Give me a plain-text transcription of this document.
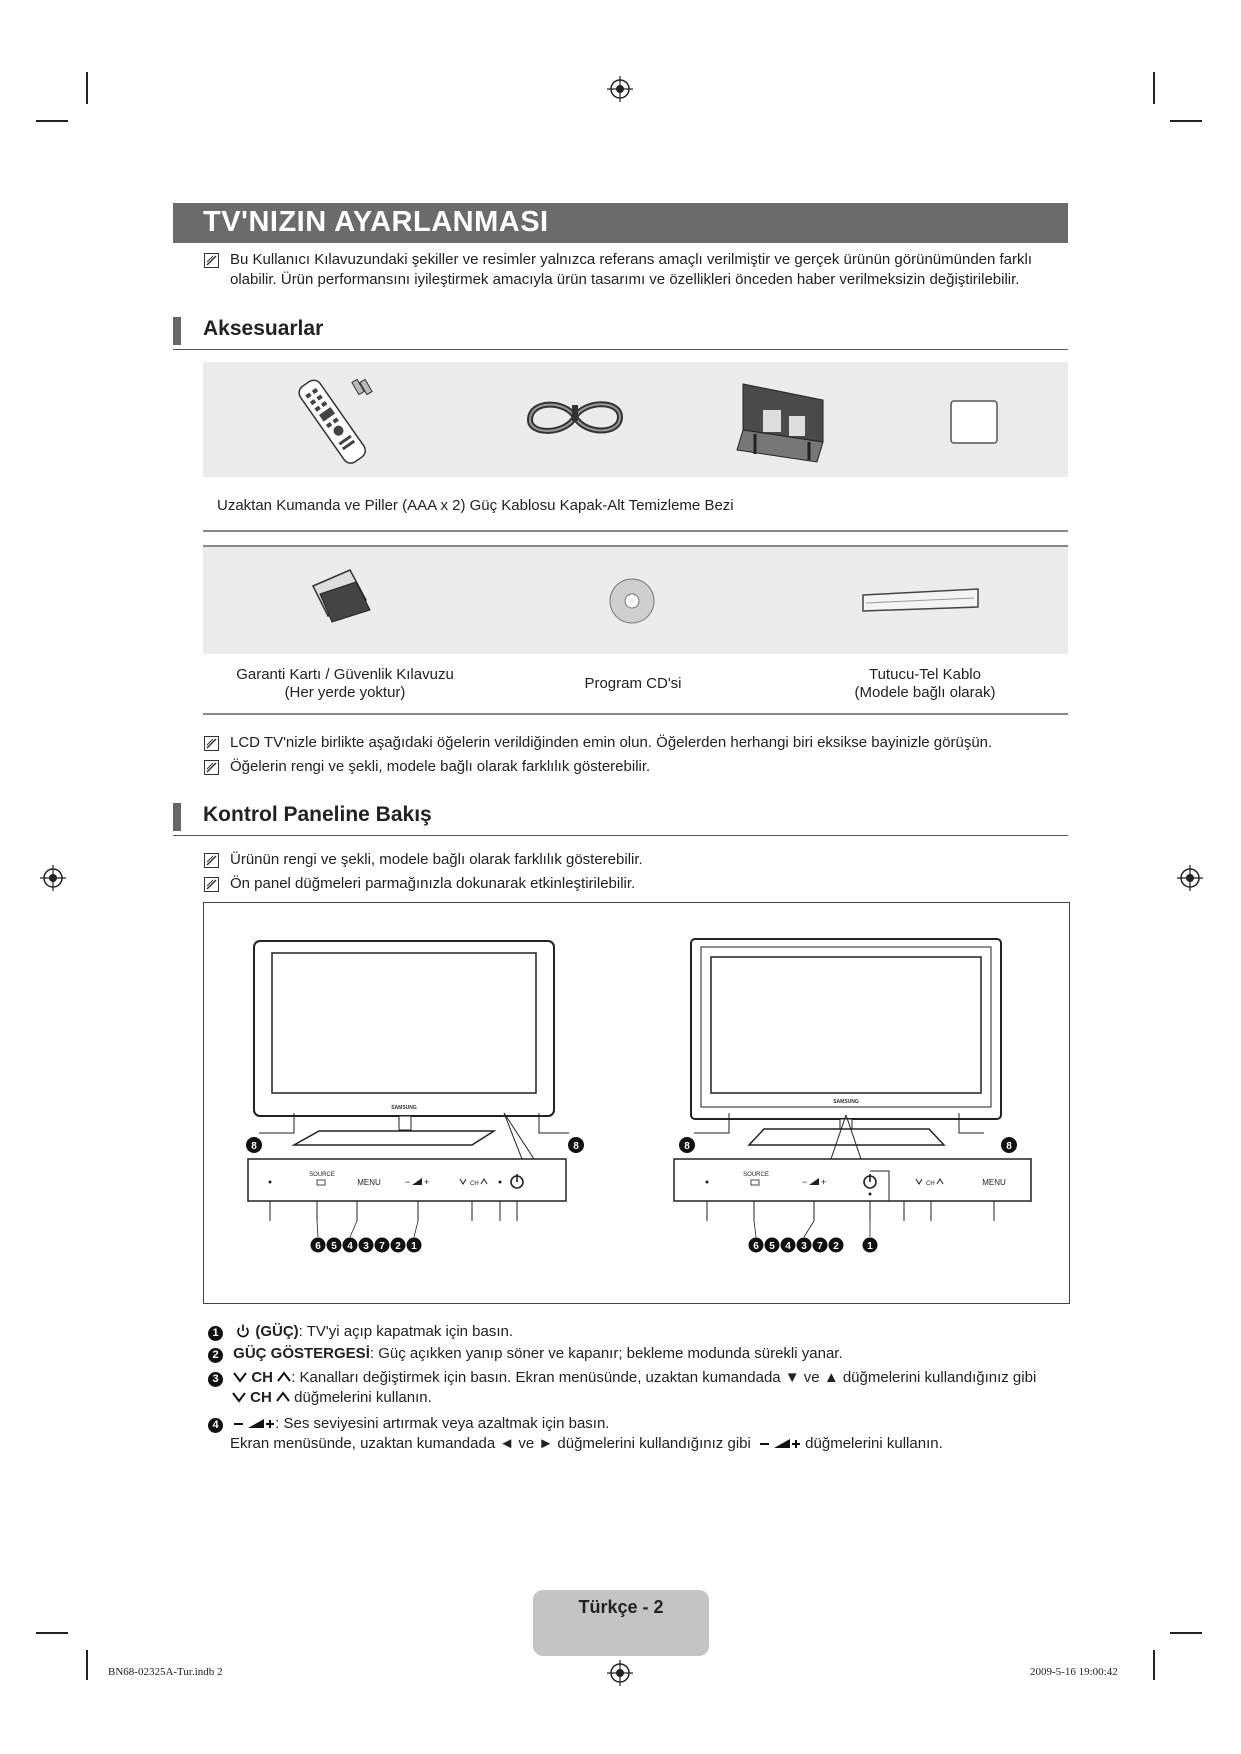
TV'NIZIN AYARLANMASI
Bu Kullanıcı Kılavuzundaki şekiller ve resimler yalnızca referans amaçlı verilmiştir ve gerçek ürünün görünümünden farklı olabilir. Ürün performansını iyileştirmek amacıyla ürün tasarımı ve özellikleri önceden haber verilmeksizin değiştirilebilir.
Aksesuarlar
Uzaktan Kumanda ve Piller (AAA x 2) Güç Kablosu Kapak-Alt Temizleme Bezi
Garanti Kartı / Güvenlik Kılavuzu
(Her yerde yoktur)
Program CD'si
Tutucu-Tel Kablo
(Modele bağlı olarak)
LCD TV'nizle birlikte aşağıdaki öğelerin verildiğinden emin olun. Öğelerden herhangi biri eksikse bayinizle görüşün.
Öğelerin rengi ve şekli, modele bağlı olarak farklılık gösterebilir.
Kontrol Paneline Bakış
Ürünün rengi ve şekli, modele bağlı olarak farklılık gösterebilir.
Ön panel düğmeleri parmağınızla dokunarak etkinleştirilebilir.
SAMSUNG
8	8
SOURCE
MENU	− +	CH
6 5 4 3 7 2 1
SAMSUNG
8	8
SOURCE
− +	CH	MENU
6 5 4 3 7 2	1
1 (GÜÇ): TV'yi açıp kapatmak için basın.
2 GÜÇ GÖSTERGESİ: Güç açıkken yanıp söner ve kapanır; bekleme modunda sürekli yanar.
3 CH : Kanalları değiştirmek için basın. Ekran menüsünde, uzaktan kumandada ▼ ve ▲ düğmelerini kullandığınız gibi
CH  düğmelerini kullanın.
4	: Ses seviyesini artırmak veya azaltmak için basın.
Ekran menüsünde, uzaktan kumandada ◄ ve ► düğmelerini kullandığınız gibi	düğmelerini kullanın.
Türkçe - 2
BN68-02325A-Tur.indb 2	2009-5-16 19:00:42
